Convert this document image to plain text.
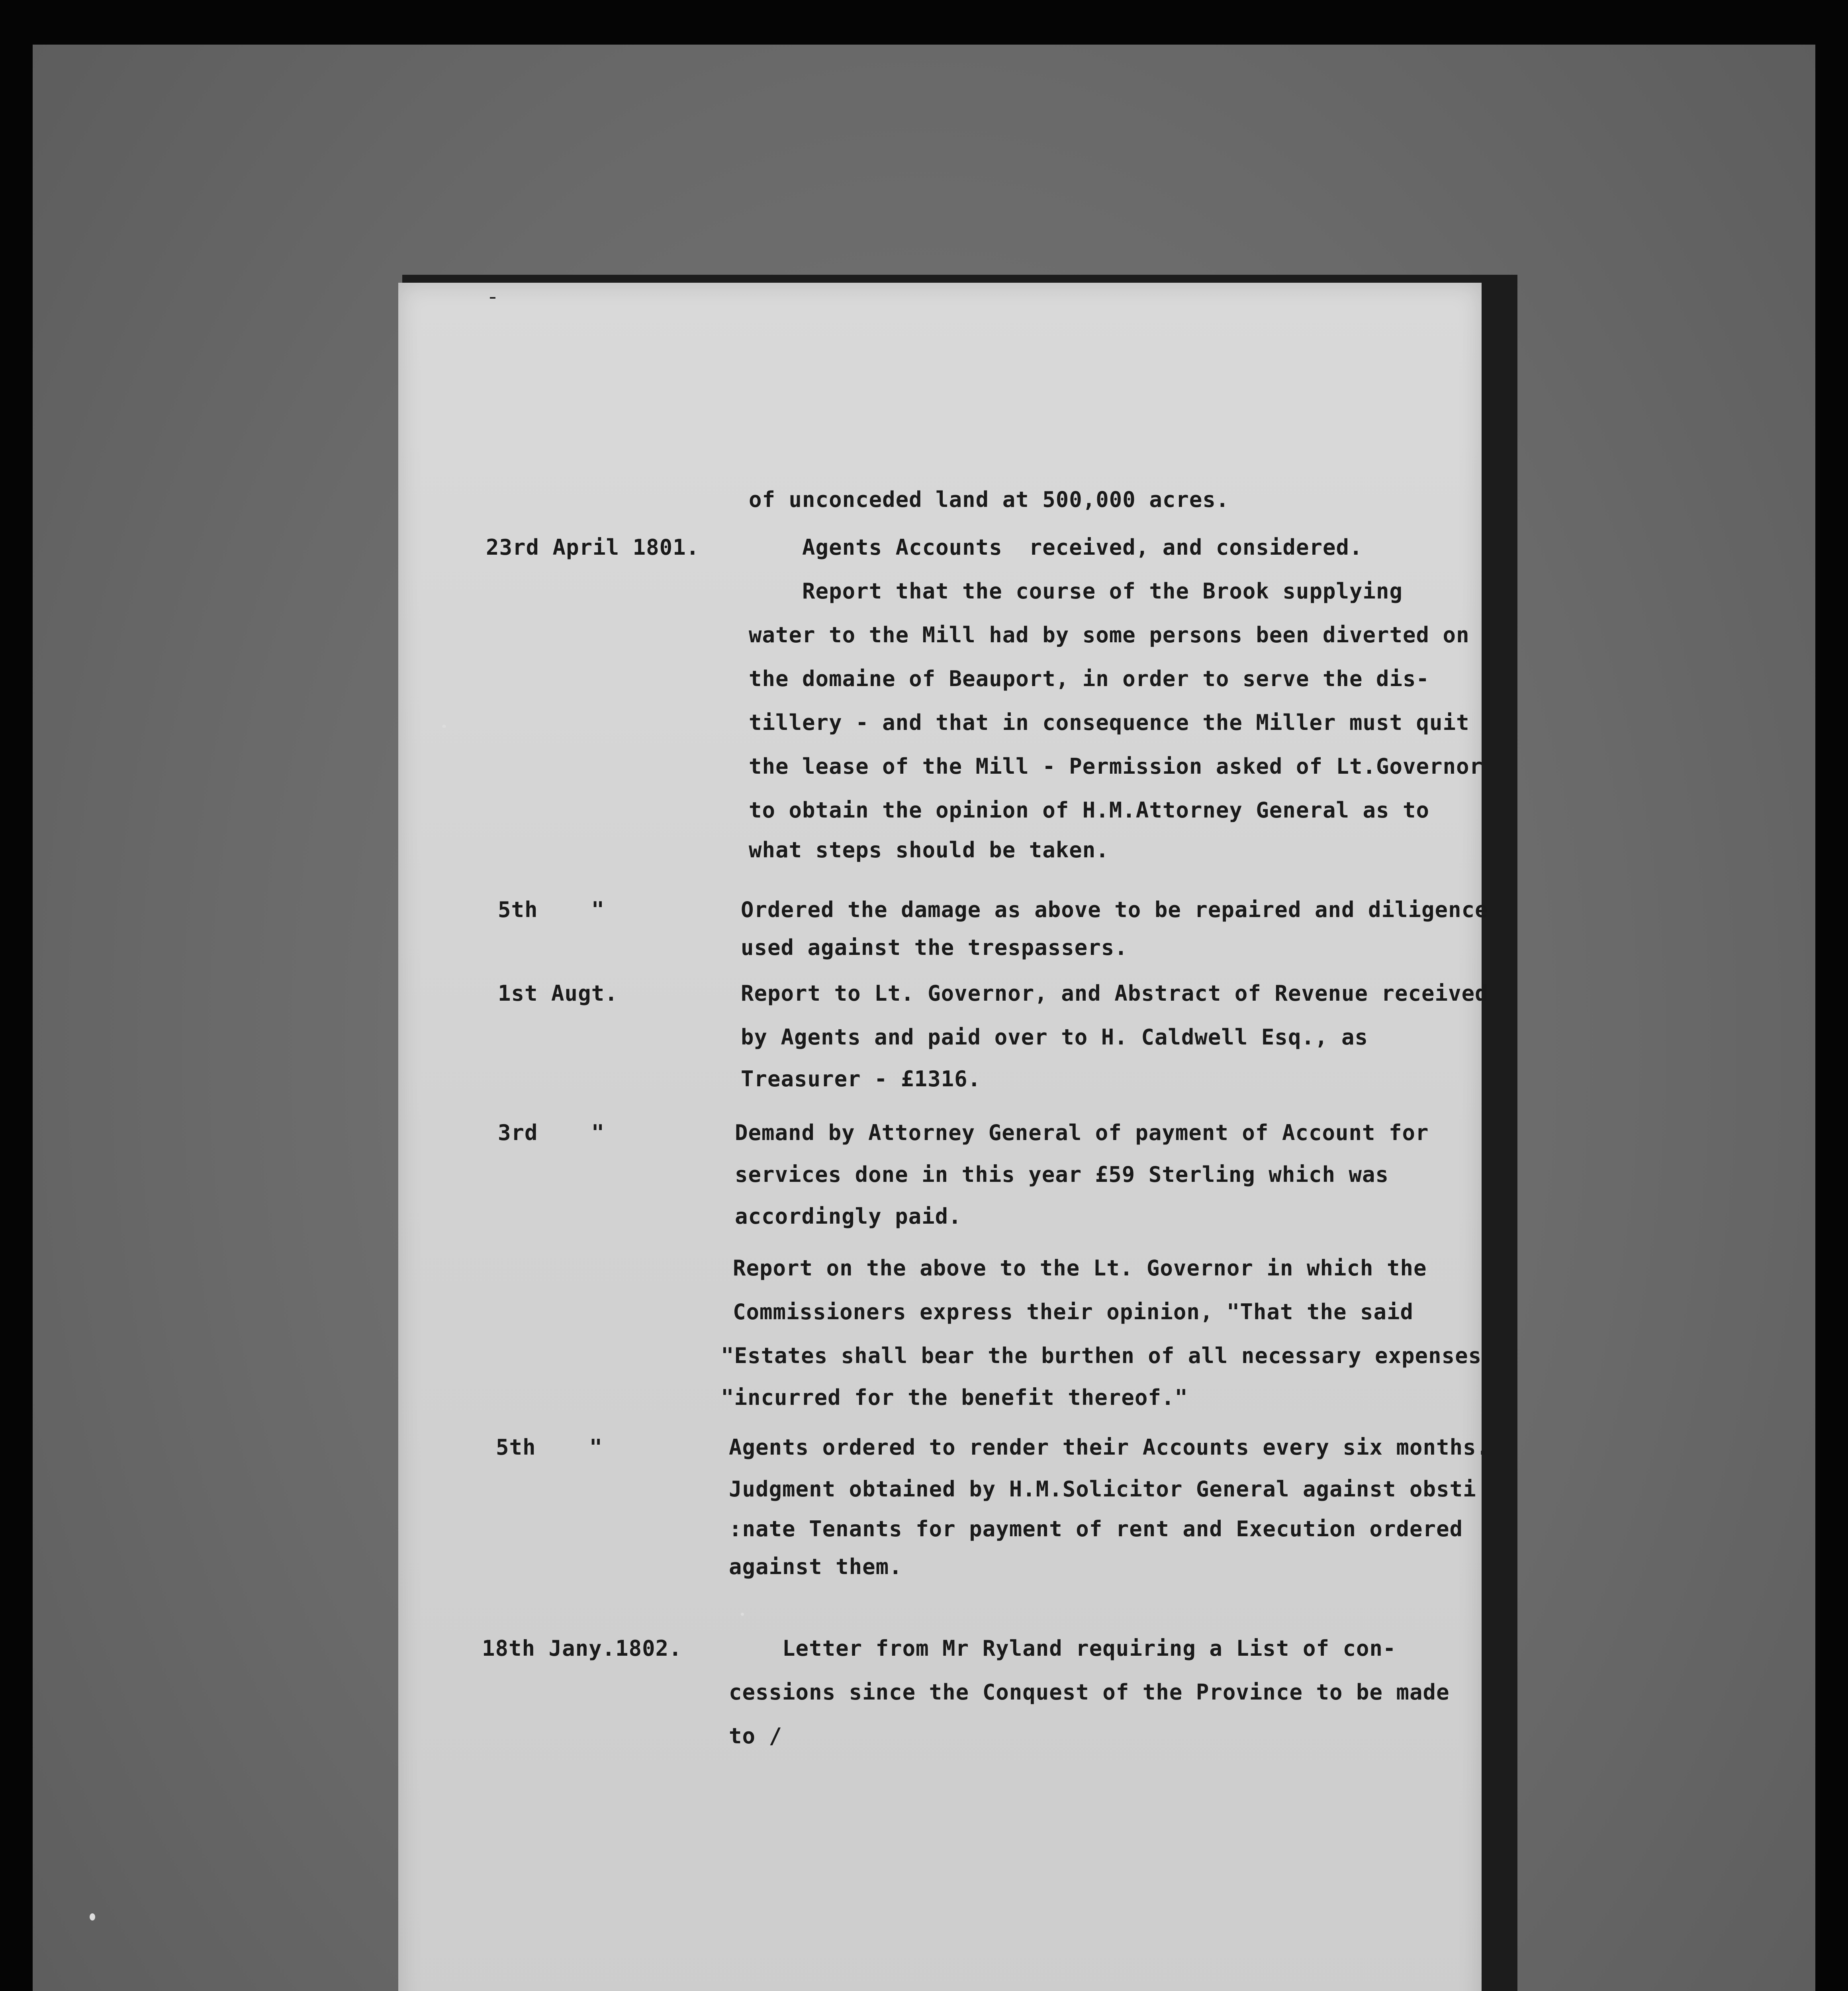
23rd April 1801.
5th    "
1st Augt.
3rd    "
5th    "
18th Jany.1802.
of unconceded land at 500,000 acres.
Agents Accounts  received, and considered.
Report that the course of the Brook supplying
water to the Mill had by some persons been diverted on
the domaine of Beauport, in order to serve the dis-
tillery - and that in consequence the Miller must quit
the lease of the Mill - Permission asked of Lt.Governor
to obtain the opinion of H.M.Attorney General as to
what steps should be taken.
Ordered the damage as above to be repaired and diligence
used against the trespassers.
Report to Lt. Governor, and Abstract of Revenue received
by Agents and paid over to H. Caldwell Esq., as
Treasurer - £1316.
Demand by Attorney General of payment of Account for
services done in this year £59 Sterling which was
accordingly paid.
Report on the above to the Lt. Governor in which the
Commissioners express their opinion, "That the said
"Estates shall bear the burthen of all necessary expenses
"incurred for the benefit thereof."
Agents ordered to render their Accounts every six months.
Judgment obtained by H.M.Solicitor General against obsti
:nate Tenants for payment of rent and Execution ordered
against them.
Letter from Mr Ryland requiring a List of con-
cessions since the Conquest of the Province to be made
to /
